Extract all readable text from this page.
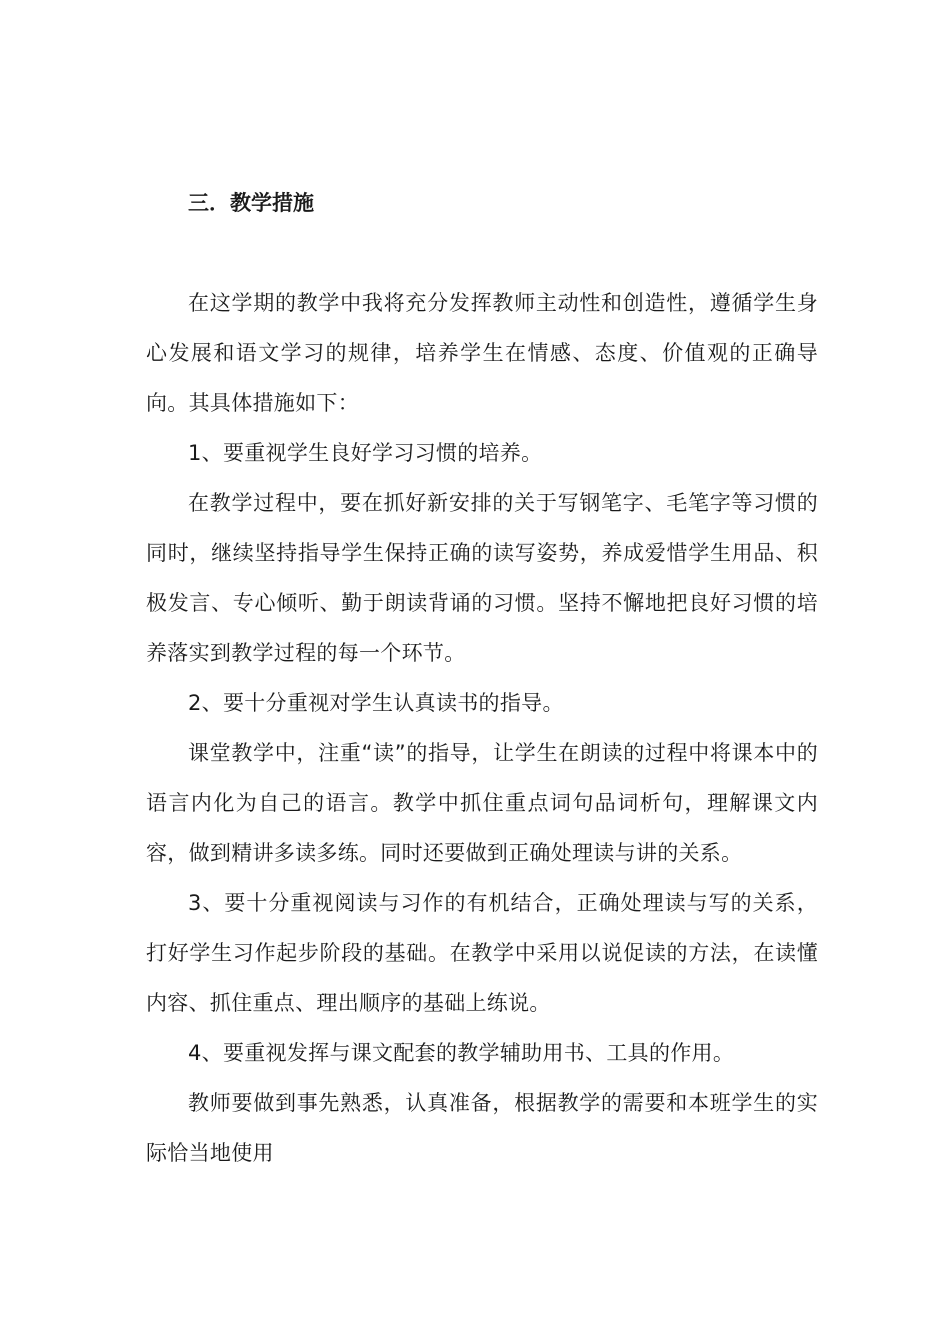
三．教学措施

在这学期的教学中我将充分发挥教师主动性和创造性，遵循学生身心发展和语文学习的规律，培养学生在情感、态度、价值观的正确导向。其具体措施如下：

1、要重视学生良好学习习惯的培养。

在教学过程中，要在抓好新安排的关于写钢笔字、毛笔字等习惯的同时，继续坚持指导学生保持正确的读写姿势，养成爱惜学生用品、积极发言、专心倾听、勤于朗读背诵的习惯。坚持不懈地把良好习惯的培养落实到教学过程的每一个环节。

2、要十分重视对学生认真读书的指导。

课堂教学中，注重“读”的指导，让学生在朗读的过程中将课本中的语言内化为自己的语言。教学中抓住重点词句品词析句，理解课文内容，做到精讲多读多练。同时还要做到正确处理读与讲的关系。

3、要十分重视阅读与习作的有机结合，正确处理读与写的关系，打好学生习作起步阶段的基础。在教学中采用以说促读的方法，在读懂内容、抓住重点、理出顺序的基础上练说。

4、要重视发挥与课文配套的教学辅助用书、工具的作用。

教师要做到事先熟悉，认真准备，根据教学的需要和本班学生的实际恰当地使用
